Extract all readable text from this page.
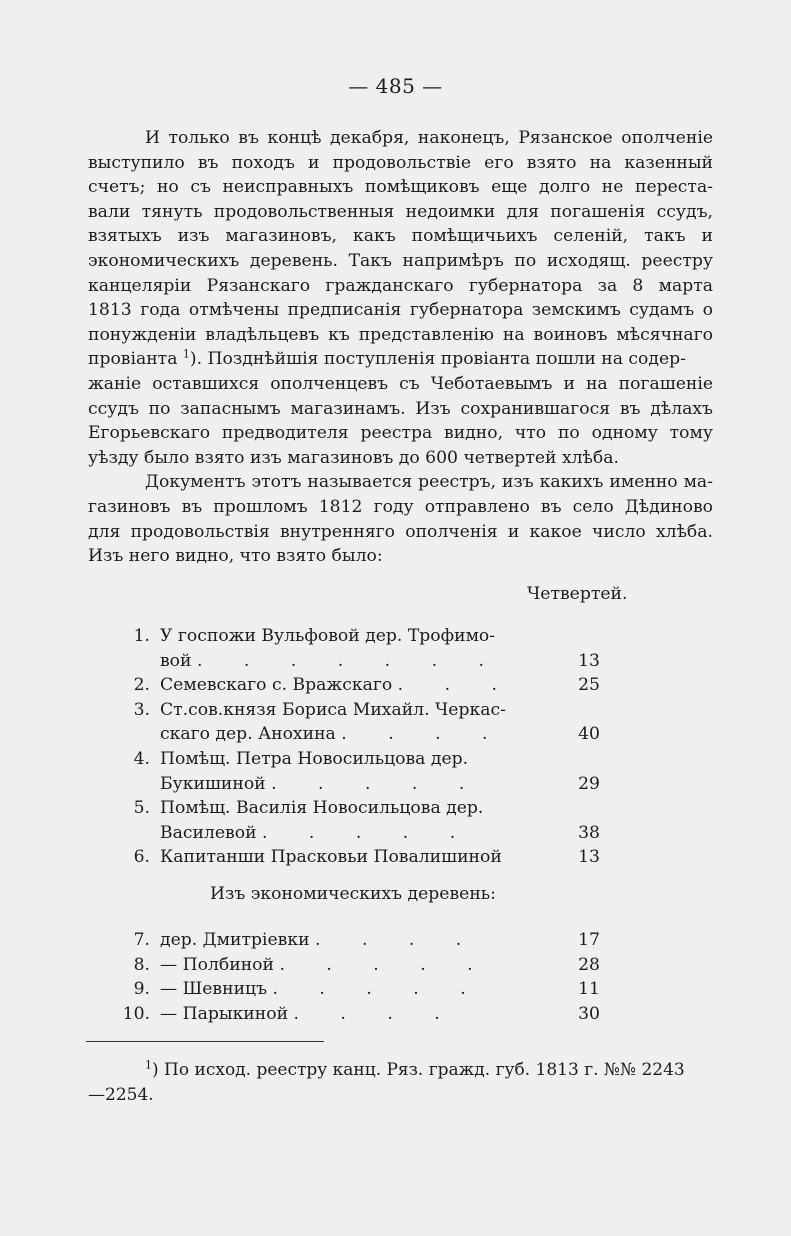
— 485 —
И только въ концѣ декабря, наконецъ, Рязанское ополченіе
выступило въ походъ и продовольствіе его взято на казенный
счетъ; но съ неисправныхъ помѣщиковъ еще долго не переста-
вали тянуть продовольственныя недоимки для погашенія ссудъ,
взятыхъ изъ магазиновъ, какъ помѣщичьихъ селеній, такъ и
экономическихъ деревень. Такъ напримѣръ по исходящ. реестру
канцеляріи Рязанскаго гражданскаго губернатора за 8 марта
1813 года отмѣчены предписанія губернатора земскимъ судамъ о
понужденіи владѣльцевъ къ представленію на воиновъ мѣсячнаго
провіанта $^1$). Позднѣйшія поступленія провіанта пошли на содер-
жаніе оставшихся ополченцевъ съ Чеботаевымъ и на погашеніе
ссудъ по запаснымъ магазинамъ. Изъ сохранившагося въ дѣлахъ
Егорьевскаго предводителя реестра видно, что по одному тому
уѣзду было взято изъ магазиновъ до 600 четвертей хлѣба.
Документъ этотъ называется реестръ, изъ какихъ именно ма-
газиновъ въ прошломъ 1812 году отправлено въ село Дѣдиново
для продовольствія внутренняго ополченія и какое число хлѣба.
Изъ него видно, что взято было:
Четвертей.
1. У госпожи Вульфовой дер. Трофимо-
вой . . . . . . .	13
2. Семевскаго с. Вражскаго . . .	25
3. Ст.сов.князя Бориса Михайл. Черкас-
скаго дер. Анохина . . . .	40
4. Помѣщ. Петра Новосильцова дер.
Букишиной . . . . .	29
5. Помѣщ. Василія Новосильцова дер.
Василевой . . . . .	38
6. Капитанши Прасковьи Повалишиной	13
Изъ экономическихъ деревень:
7. дер. Дмитріевки . . . .	17
8. — Полбиной . . . . .	28
9. — Шевницъ . . . . .	11
10. — Парыкиной . . . .	30
$^1$) По исход. реестру канц. Ряз. гражд. губ. 1813 г. №№ 2243
—2254.
